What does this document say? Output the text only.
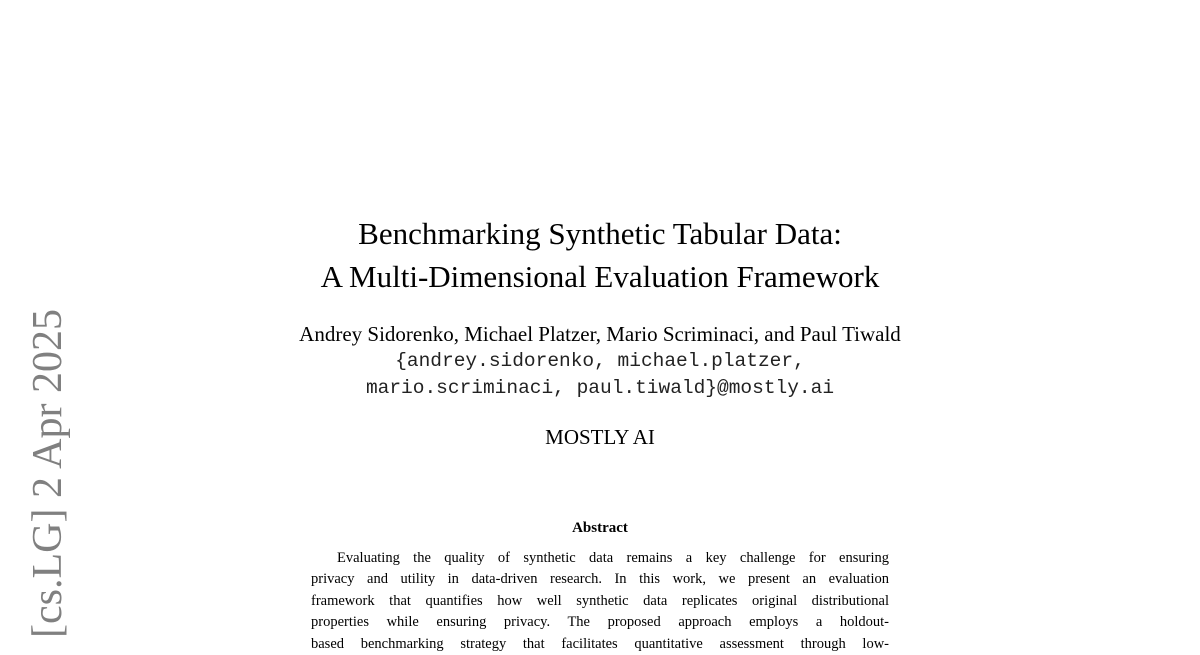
[cs.LG] 2 Apr 2025
Benchmarking Synthetic Tabular Data:
A Multi-Dimensional Evaluation Framework
Andrey Sidorenko, Michael Platzer, Mario Scriminaci, and Paul Tiwald
{andrey.sidorenko, michael.platzer,
mario.scriminaci, paul.tiwald}@mostly.ai
MOSTLY AI
Abstract
Evaluating the quality of synthetic data remains a key challenge for ensuring
privacy and utility in data-driven research. In this work, we present an evaluation
framework that quantifies how well synthetic data replicates original distributional
properties while ensuring privacy. The proposed approach employs a holdout-
based benchmarking strategy that facilitates quantitative assessment through low-
